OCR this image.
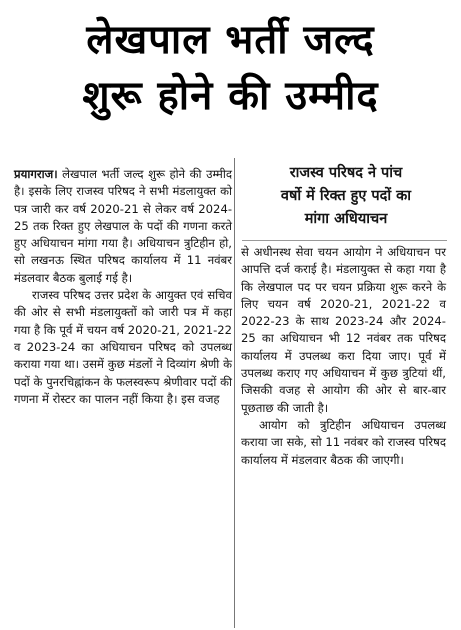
लेखपाल भर्ती जल्द
शुरू होने की उम्मीद

प्रयागराज। लेखपाल भर्ती जल्द शुरू होने की उम्मीद है। इसके लिए राजस्व परिषद ने सभी मंडलायुक्त को पत्र जारी कर वर्ष 2020-21 से लेकर वर्ष 2024-25 तक रिक्त हुए लेखपाल के पदों की गणना करते हुए अधियाचन मांगा गया है। अधियाचन त्रुटिहीन हो, सो लखनऊ स्थित परिषद कार्यालय में 11 नवंबर मंडलवार बैठक बुलाई गई है।

राजस्व परिषद उत्तर प्रदेश के आयुक्त एवं सचिव की ओर से सभी मंडलायुक्तों को जारी पत्र में कहा गया है कि पूर्व में चयन वर्ष 2020-21, 2021-22 व 2023-24 का अधियाचन परिषद को उपलब्ध कराया गया था। उसमें कुछ मंडलों ने दिव्यांग श्रेणी के पदों के पुनरचिह्नांकन के फलस्वरूप श्रेणीवार पदों की गणना में रोस्टर का पालन नहीं किया है। इस वजह

राजस्व परिषद ने पांच
वर्षो में रिक्त हुए पदों का
मांगा अधियाचन

से अधीनस्थ सेवा चयन आयोग ने अधियाचन पर आपत्ति दर्ज कराई है। मंडलायुक्त से कहा गया है कि लेखपाल पद पर चयन प्रक्रिया शुरू करने के लिए चयन वर्ष 2020-21, 2021-22 व 2022-23 के साथ 2023-24 और 2024-25 का अधियाचन भी 12 नवंबर तक परिषद कार्यालय में उपलब्ध करा दिया जाए। पूर्व में उपलब्ध कराए गए अधियाचन में कुछ त्रुटियां थीं, जिसकी वजह से आयोग की ओर से बार-बार पूछताछ की जाती है।

आयोग को त्रुटिहीन अधियाचन उपलब्ध कराया जा सके, सो 11 नवंबर को राजस्व परिषद कार्यालय में मंडलवार बैठक की जाएगी।
